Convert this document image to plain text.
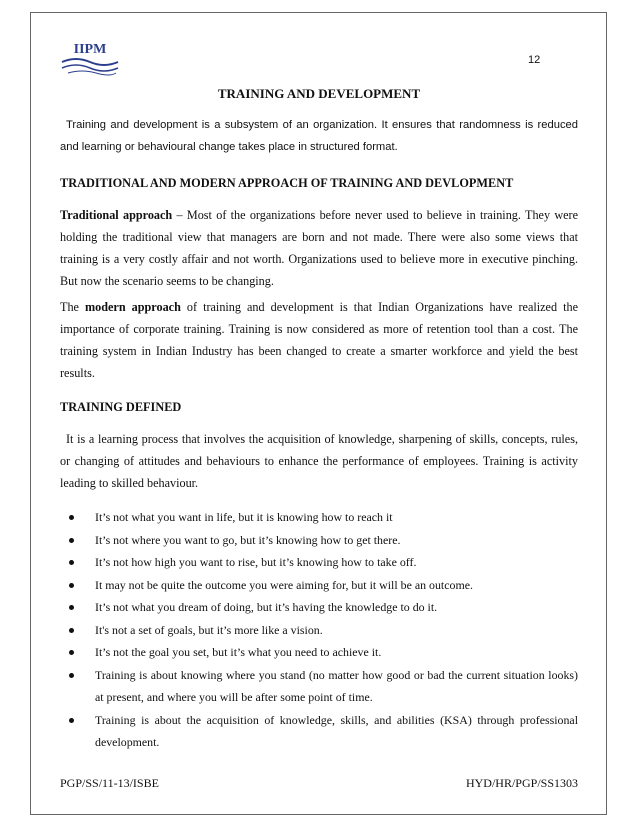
IIPM
12
TRAINING AND DEVELOPMENT

Training and development is a subsystem of an organization. It ensures that randomness is reduced and learning or behavioural change takes place in structured format.

TRADITIONAL AND MODERN APPROACH OF TRAINING AND DEVLOPMENT

Traditional approach – Most of the organizations before never used to believe in training. They were holding the traditional view that managers are born and not made. There were also some views that training is a very costly affair and not worth. Organizations used to believe more in executive pinching. But now the scenario seems to be changing.

The modern approach of training and development is that Indian Organizations have realized the importance of corporate training. Training is now considered as more of retention tool than a cost. The training system in Indian Industry has been changed to create a smarter workforce and yield the best results.

TRAINING DEFINED

It is a learning process that involves the acquisition of knowledge, sharpening of skills, concepts, rules, or changing of attitudes and behaviours to enhance the performance of employees. Training is activity leading to skilled behaviour.

It’s not what you want in life, but it is knowing how to reach it
It’s not where you want to go, but it’s knowing how to get there.
It’s not how high you want to rise, but it’s knowing how to take off.
It may not be quite the outcome you were aiming for, but it will be an outcome.
It’s not what you dream of doing, but it’s having the knowledge to do it.
It's not a set of goals, but it’s more like a vision.
It’s not the goal you set, but it’s what you need to achieve it.
Training is about knowing where you stand (no matter how good or bad the current situation looks) at present, and where you will be after some point of time.
Training is about the acquisition of knowledge, skills, and abilities (KSA) through professional development.
PGP/SS/11-13/ISBE	HYD/HR/PGP/SS1303
